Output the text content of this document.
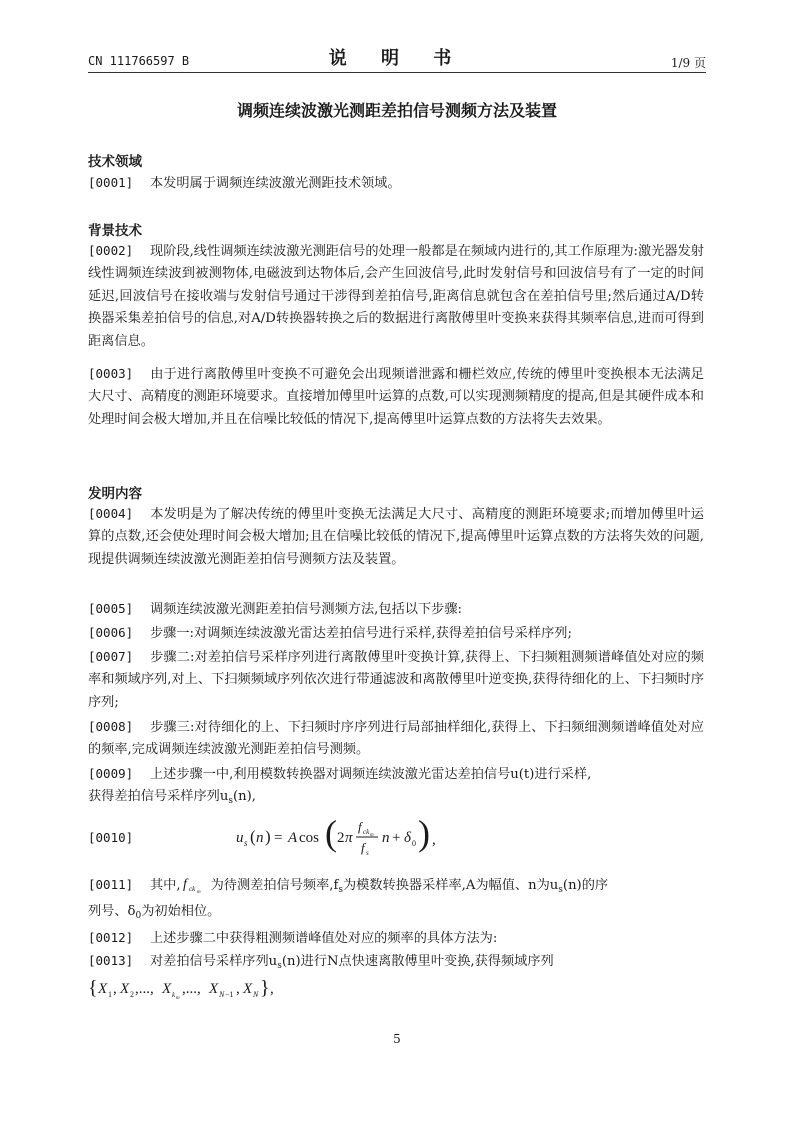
CN 111766597 B	说 明 书	1/9 页
调频连续波激光测距差拍信号测频方法及装置
技术领域
[0001] 本发明属于调频连续波激光测距技术领域。
背景技术
[0002] 现阶段,线性调频连续波激光测距信号的处理一般都是在频域内进行的,其工作原理为:激光器发射线性调频连续波到被测物体,电磁波到达物体后,会产生回波信号,此时发射信号和回波信号有了一定的时间延迟,回波信号在接收端与发射信号通过干涉得到差拍信号,距离信息就包含在差拍信号里;然后通过A/D转换器采集差拍信号的信息,对A/D转换器转换之后的数据进行离散傅里叶变换来获得其频率信息,进而可得到距离信息。
[0003] 由于进行离散傅里叶变换不可避免会出现频谱泄露和栅栏效应,传统的傅里叶变换根本无法满足大尺寸、高精度的测距环境要求。直接增加傅里叶运算的点数,可以实现测频精度的提高,但是其硬件成本和处理时间会极大增加,并且在信噪比较低的情况下,提高傅里叶运算点数的方法将失去效果。
发明内容
[0004] 本发明是为了解决传统的傅里叶变换无法满足大尺寸、高精度的测距环境要求;而增加傅里叶运算的点数,还会使处理时间会极大增加;且在信噪比较低的情况下,提高傅里叶运算点数的方法将失效的问题,现提供调频连续波激光测距差拍信号测频方法及装置。
[0005] 调频连续波激光测距差拍信号测频方法,包括以下步骤:
[0006] 步骤一:对调频连续波激光雷达差拍信号进行采样,获得差拍信号采样序列;
[0007] 步骤二:对差拍信号采样序列进行离散傅里叶变换计算,获得上、下扫频粗测频谱峰值处对应的频率和频域序列,对上、下扫频频域序列依次进行带通滤波和离散傅里叶逆变换,获得待细化的上、下扫频时序序列;
[0008] 步骤三:对待细化的上、下扫频时序序列进行局部抽样细化,获得上、下扫频细测频谱峰值处对应的频率,完成调频连续波激光测距差拍信号测频。
[0009] 上述步骤一中,利用模数转换器对调频连续波激光雷达差拍信号u(t)进行采样,
获得差拍信号采样序列$u_s(n)$,
[0010]	u s ( n ) = A cos ( 2 π
f ck m
f s
n + δ 0 ) ,
[0011] 其中, f ck m 为待测差拍信号频率$,f_s$为模数转换器采样率,A为幅值、n为$u_s(n)$的序
列号、$\delta_0$为初始相位。
[0012] 上述步骤二中获得粗测频谱峰值处对应的频率的具体方法为:
[0013] 对差拍信号采样序列$u_s(n)$进行N点快速离散傅里叶变换,获得频域序列
{ X 1 , X 2 ,..., X k m
,..., X N −1 , X N } ,
5
